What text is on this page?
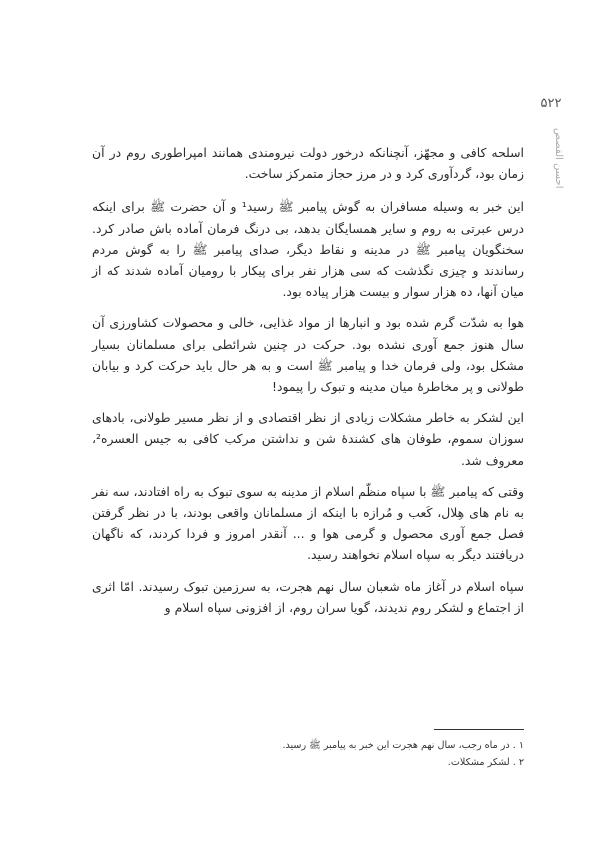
۵۲۲
احسن القصص

اسلحه کافی و مجهّز، آنچنانکه درخور دولت نیرومندی همانند امپراطوری روم در آن زمان بود، گردآوری کرد و در مرز حجاز متمرکز ساخت.

این خبر به وسیله مسافران به گوش پیامبر ﷺ رسید¹ و آن حضرت ﷺ برای اینکه درس عبرتی به روم و سایر همسایگان بدهد، بی درنگ فرمان آماده باش صادر کرد. سخنگویان پیامبر ﷺ در مدینه و نقاط دیگر، صدای پیامبر ﷺ را به گوش مردم رساندند و چیزی نگذشت که سی هزار نفر برای پیکار با رومیان آماده شدند که از میان آنها، ده هزار سوار و بیست هزار پیاده بود.

هوا به شدّت گرم شده بود و انبارها از مواد غذایی، خالی و محصولات کشاورزی آن سال هنوز جمع آوری نشده بود. حرکت در چنین شرائطی برای مسلمانان بسیار مشکل بود، ولی فرمان خدا و پیامبر ﷺ است و به هر حال باید حرکت کرد و بیابان طولانی و پر مخاطرهٔ میان مدینه و تبوک را پیمود!

این لشکر به خاطر مشکلات زیادی از نظر اقتصادی و از نظر مسیر طولانی، بادهای سوزان سموم، طوفان های کشندهٔ شن و نداشتن مرکب کافی به جیس العسره²، معروف شد.

وقتی که پیامبر ﷺ با سپاه منظّم اسلام از مدینه به سوی تبوک به راه افتادند، سه نفر به نام های هِلال، کَعب و مُرازه با اینکه از مسلمانان واقعی بودند، با در نظر گرفتن فصل جمع آوری محصول و گرمی هوا و ... آنقدر امروز و فردا کردند، که ناگهان دریافتند دیگر به سپاه اسلام نخواهند رسید.

سپاه اسلام در آغاز ماه شعبان سال نهم هجرت، به سرزمین تبوک رسیدند. امّا اثری از اجتماع و لشکر روم ندیدند، گویا سران روم، از افزونی سپاه اسلام و

۱ . در ماه رجب، سال نهم هجرت این خبر به پیامبر ﷺ رسید.
۲ . لشکر مشکلات.
